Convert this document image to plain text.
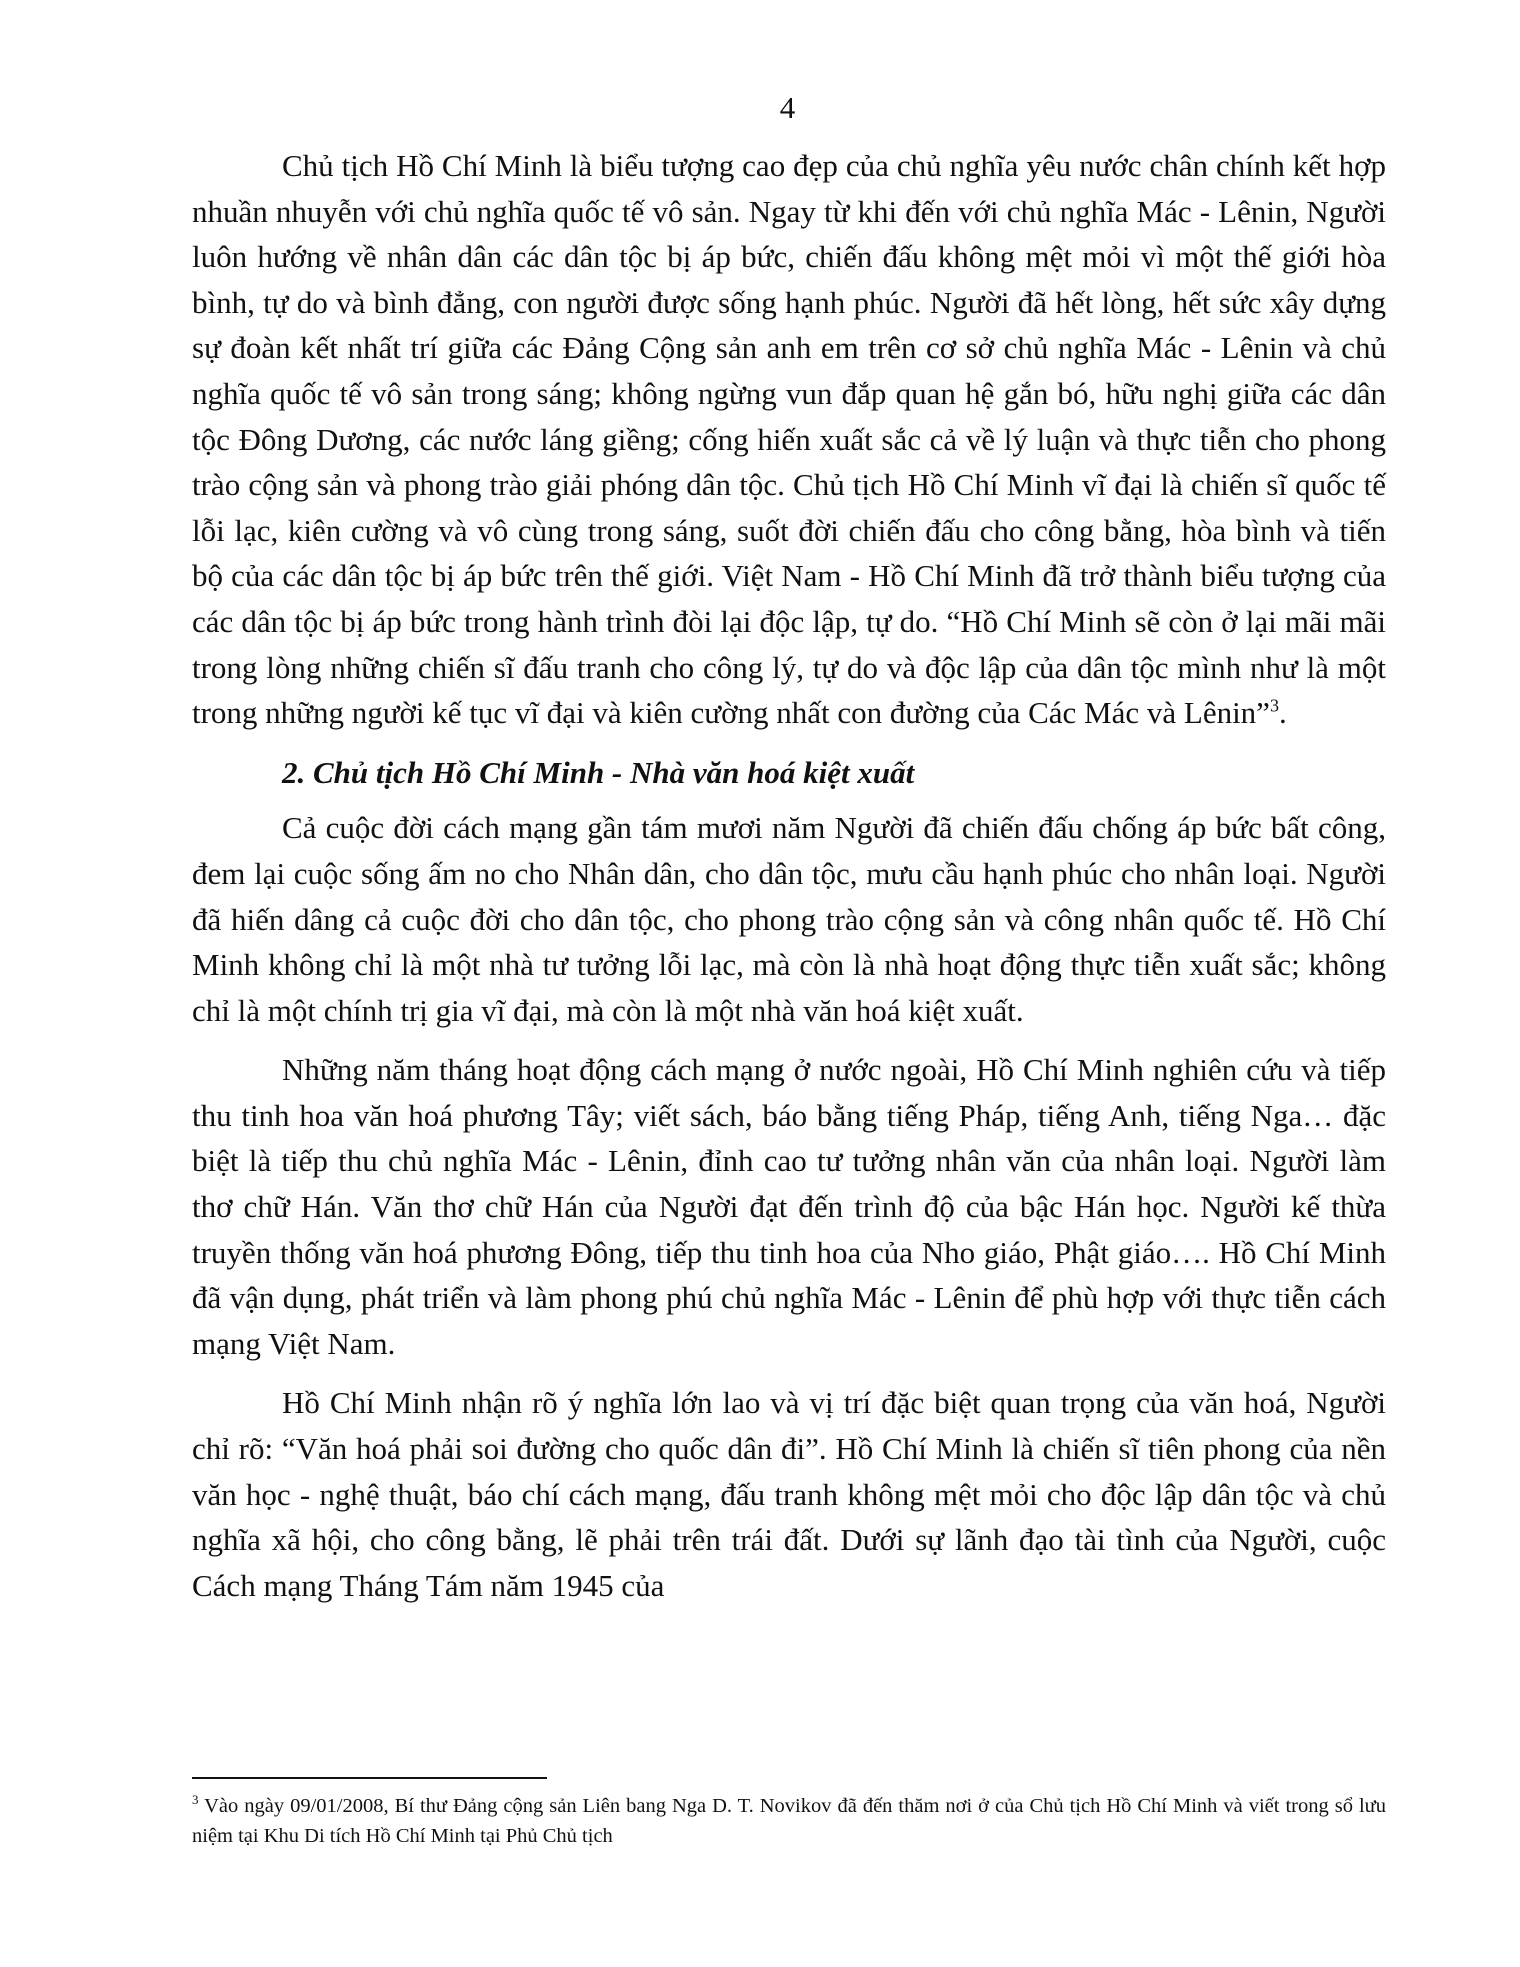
4

Chủ tịch Hồ Chí Minh là biểu tượng cao đẹp của chủ nghĩa yêu nước chân chính kết hợp nhuần nhuyễn với chủ nghĩa quốc tế vô sản. Ngay từ khi đến với chủ nghĩa Mác - Lênin, Người luôn hướng về nhân dân các dân tộc bị áp bức, chiến đấu không mệt mỏi vì một thế giới hòa bình, tự do và bình đẳng, con người được sống hạnh phúc. Người đã hết lòng, hết sức xây dựng sự đoàn kết nhất trí giữa các Đảng Cộng sản anh em trên cơ sở chủ nghĩa Mác - Lênin và chủ nghĩa quốc tế vô sản trong sáng; không ngừng vun đắp quan hệ gắn bó, hữu nghị giữa các dân tộc Đông Dương, các nước láng giềng; cống hiến xuất sắc cả về lý luận và thực tiễn cho phong trào cộng sản và phong trào giải phóng dân tộc. Chủ tịch Hồ Chí Minh vĩ đại là chiến sĩ quốc tế lỗi lạc, kiên cường và vô cùng trong sáng, suốt đời chiến đấu cho công bằng, hòa bình và tiến bộ của các dân tộc bị áp bức trên thế giới. Việt Nam - Hồ Chí Minh đã trở thành biểu tượng của các dân tộc bị áp bức trong hành trình đòi lại độc lập, tự do. “Hồ Chí Minh sẽ còn ở lại mãi mãi trong lòng những chiến sĩ đấu tranh cho công lý, tự do và độc lập của dân tộc mình như là một trong những người kế tục vĩ đại và kiên cường nhất con đường của Các Mác và Lênin”$^3$.

2. Chủ tịch Hồ Chí Minh - Nhà văn hoá kiệt xuất

Cả cuộc đời cách mạng gần tám mươi năm Người đã chiến đấu chống áp bức bất công, đem lại cuộc sống ấm no cho Nhân dân, cho dân tộc, mưu cầu hạnh phúc cho nhân loại. Người đã hiến dâng cả cuộc đời cho dân tộc, cho phong trào cộng sản và công nhân quốc tế. Hồ Chí Minh không chỉ là một nhà tư tưởng lỗi lạc, mà còn là nhà hoạt động thực tiễn xuất sắc; không chỉ là một chính trị gia vĩ đại, mà còn là một nhà văn hoá kiệt xuất.

Những năm tháng hoạt động cách mạng ở nước ngoài, Hồ Chí Minh nghiên cứu và tiếp thu tinh hoa văn hoá phương Tây; viết sách, báo bằng tiếng Pháp, tiếng Anh, tiếng Nga… đặc biệt là tiếp thu chủ nghĩa Mác - Lênin, đỉnh cao tư tưởng nhân văn của nhân loại. Người làm thơ chữ Hán. Văn thơ chữ Hán của Người đạt đến trình độ của bậc Hán học. Người kế thừa truyền thống văn hoá phương Đông, tiếp thu tinh hoa của Nho giáo, Phật giáo…. Hồ Chí Minh đã vận dụng, phát triển và làm phong phú chủ nghĩa Mác - Lênin để phù hợp với thực tiễn cách mạng Việt Nam.

Hồ Chí Minh nhận rõ ý nghĩa lớn lao và vị trí đặc biệt quan trọng của văn hoá, Người chỉ rõ: “Văn hoá phải soi đường cho quốc dân đi”. Hồ Chí Minh là chiến sĩ tiên phong của nền văn học - nghệ thuật, báo chí cách mạng, đấu tranh không mệt mỏi cho độc lập dân tộc và chủ nghĩa xã hội, cho công bằng, lẽ phải trên trái đất. Dưới sự lãnh đạo tài tình của Người, cuộc Cách mạng Tháng Tám năm 1945 của

$^3$ Vào ngày 09/01/2008, Bí thư Đảng cộng sản Liên bang Nga D. T. Novikov đã đến thăm nơi ở của Chủ tịch Hồ Chí Minh và viết trong sổ lưu niệm tại Khu Di tích Hồ Chí Minh tại Phủ Chủ tịch
